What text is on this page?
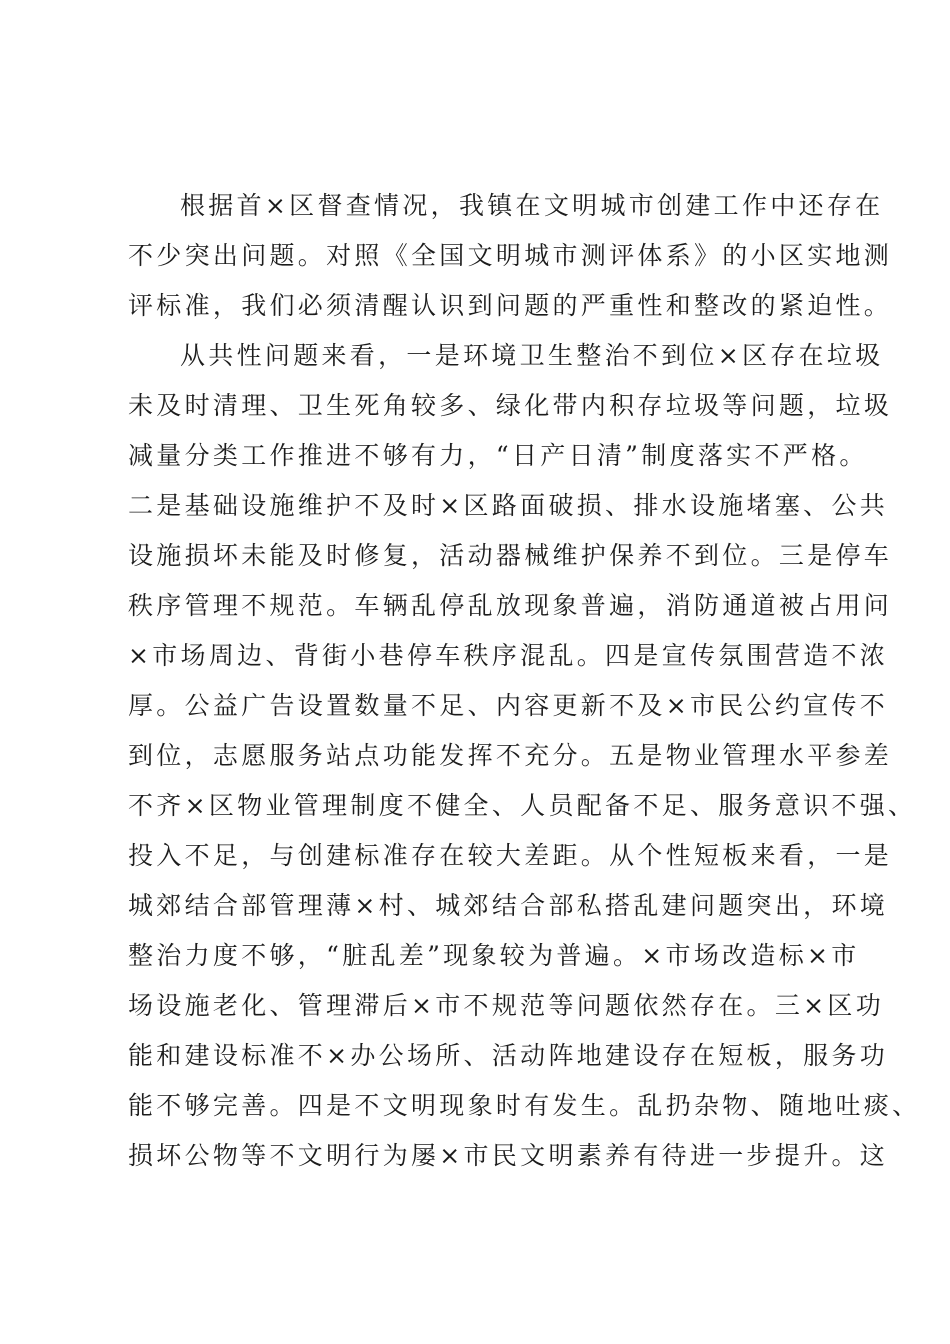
根据首×区督查情况，我镇在文明城市创建工作中还存在
不少突出问题。对照《全国文明城市测评体系》的小区实地测
评标准，我们必须清醒认识到问题的严重性和整改的紧迫性。
从共性问题来看，一是环境卫生整治不到位×区存在垃圾
未及时清理、卫生死角较多、绿化带内积存垃圾等问题，垃圾
减量分类工作推进不够有力，“日产日清”制度落实不严格。
二是基础设施维护不及时×区路面破损、排水设施堵塞、公共
设施损坏未能及时修复，活动器械维护保养不到位。三是停车
秩序管理不规范。车辆乱停乱放现象普遍，消防通道被占用问
×市场周边、背街小巷停车秩序混乱。四是宣传氛围营造不浓
厚。公益广告设置数量不足、内容更新不及×市民公约宣传不
到位，志愿服务站点功能发挥不充分。五是物业管理水平参差
不齐×区物业管理制度不健全、人员配备不足、服务意识不强、
投入不足，与创建标准存在较大差距。从个性短板来看，一是
城郊结合部管理薄×村、城郊结合部私搭乱建问题突出，环境
整治力度不够，“脏乱差”现象较为普遍。×市场改造标×市
场设施老化、管理滞后×市不规范等问题依然存在。三×区功
能和建设标准不×办公场所、活动阵地建设存在短板，服务功
能不够完善。四是不文明现象时有发生。乱扔杂物、随地吐痰、
损坏公物等不文明行为屡×市民文明素养有待进一步提升。这
